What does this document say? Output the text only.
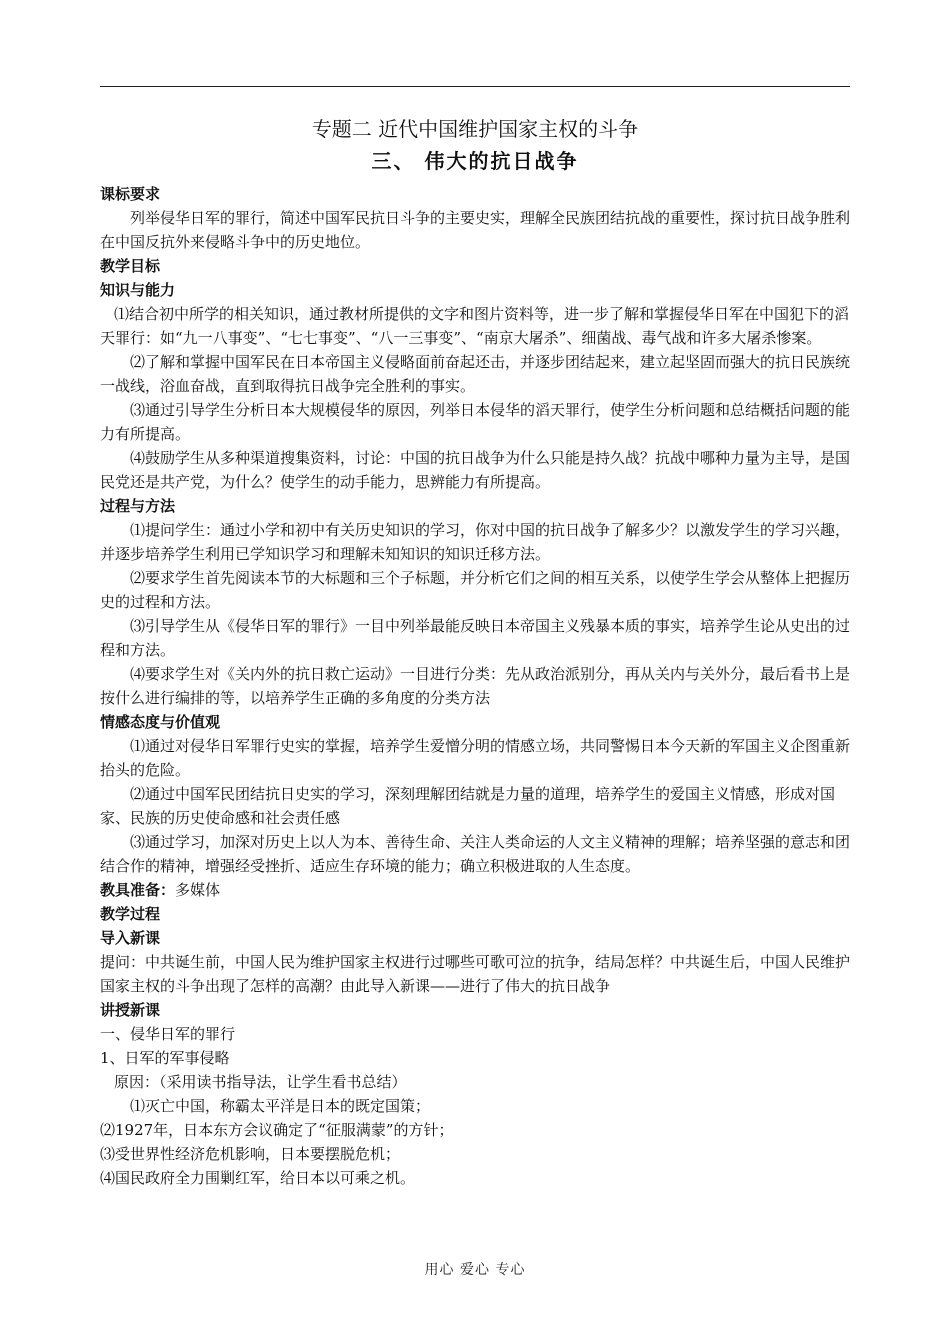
专题二 近代中国维护国家主权的斗争
三、 伟大的抗日战争

课标要求

列举侵华日军的罪行，简述中国军民抗日斗争的主要史实，理解全民族团结抗战的重要性，探讨抗日战争胜利在中国反抗外来侵略斗争中的历史地位。

教学目标

知识与能力

⑴结合初中所学的相关知识，通过教材所提供的文字和图片资料等，进一步了解和掌握侵华日军在中国犯下的滔天罪行：如“九一八事变”、“七七事变”、“八一三事变”、“南京大屠杀”、细菌战、毒气战和许多大屠杀惨案。

⑵了解和掌握中国军民在日本帝国主义侵略面前奋起还击，并逐步团结起来，建立起坚固而强大的抗日民族统一战线，浴血奋战，直到取得抗日战争完全胜利的事实。

⑶通过引导学生分析日本大规模侵华的原因，列举日本侵华的滔天罪行，使学生分析问题和总结概括问题的能力有所提高。

⑷鼓励学生从多种渠道搜集资料，讨论：中国的抗日战争为什么只能是持久战？抗战中哪种力量为主导，是国民党还是共产党，为什么？使学生的动手能力，思辨能力有所提高。

过程与方法

⑴提问学生：通过小学和初中有关历史知识的学习，你对中国的抗日战争了解多少？以激发学生的学习兴趣，并逐步培养学生利用已学知识学习和理解未知知识的知识迁移方法。

⑵要求学生首先阅读本节的大标题和三个子标题，并分析它们之间的相互关系，以使学生学会从整体上把握历史的过程和方法。

⑶引导学生从《侵华日军的罪行》一目中列举最能反映日本帝国主义残暴本质的事实，培养学生论从史出的过程和方法。

⑷要求学生对《关内外的抗日救亡运动》一目进行分类：先从政治派别分，再从关内与关外分，最后看书上是按什么进行编排的等，以培养学生正确的多角度的分类方法

情感态度与价值观

⑴通过对侵华日军罪行史实的掌握，培养学生爱憎分明的情感立场，共同警惕日本今天新的军国主义企图重新抬头的危险。

⑵通过中国军民团结抗日史实的学习，深刻理解团结就是力量的道理，培养学生的爱国主义情感，形成对国家、民族的历史使命感和社会责任感

⑶通过学习，加深对历史上以人为本、善待生命、关注人类命运的人文主义精神的理解；培养坚强的意志和团结合作的精神，增强经受挫折、适应生存环境的能力；确立积极进取的人生态度。

教具准备：多媒体

教学过程

导入新课

提问：中共诞生前，中国人民为维护国家主权进行过哪些可歌可泣的抗争，结局怎样？中共诞生后，中国人民维护国家主权的斗争出现了怎样的高潮？由此导入新课——进行了伟大的抗日战争

讲授新课

一、侵华日军的罪行

1、日军的军事侵略

原因：（采用读书指导法，让学生看书总结）

⑴灭亡中国，称霸太平洋是日本的既定国策；

⑵1927年，日本东方会议确定了“征服满蒙”的方针；

⑶受世界性经济危机影响，日本要摆脱危机；

⑷国民政府全力围剿红军，给日本以可乘之机。

用心 爱心 专心
